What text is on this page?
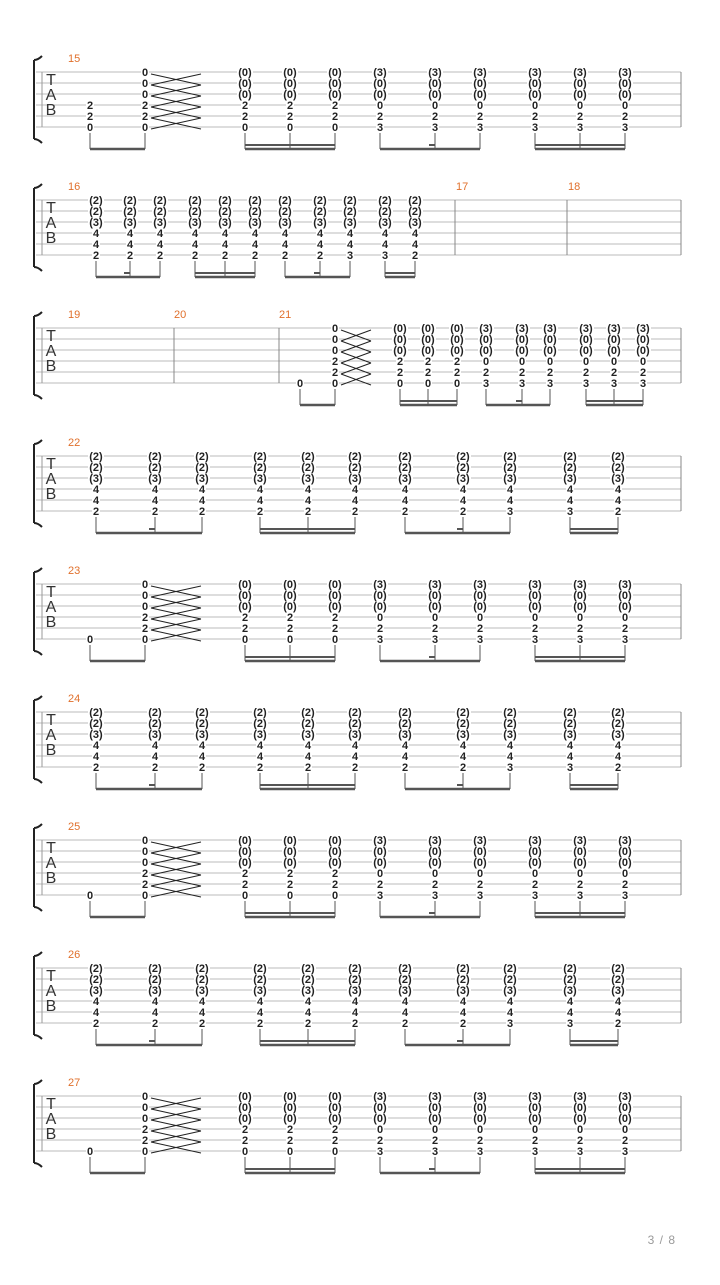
T
A
B
15
2
2
0
0
0
0
2
2
0
(0)
(0)
(0)
2
2
0
(0)
(0)
(0)
2
2
0
(0)
(0)
(0)
2
2
0
(3)
(0)
(0)
0
2
3
(3)
(0)
(0)
0
2
3
(3)
(0)
(0)
0
2
3
(3)
(0)
(0)
0
2
3
(3)
(0)
(0)
0
2
3
(3)
(0)
(0)
0
2
3
T
A
B
16	17	18
(2)
(2)
(3)
4
4
2
(2)
(2)
(3)
4
4
2
(2)
(2)
(3)
4
4
2
(2)
(2)
(3)
4
4
2
(2)
(2)
(3)
4
4
2
(2)
(2)
(3)
4
4
2
(2)
(2)
(3)
4
4
2
(2)
(2)
(3)
4
4
2
(2)
(2)
(3)
4
4
3
(2)
(2)
(3)
4
4
3
(2)
(2)
(3)
4
4
2
T
A
B
19	20	21
0
0
0
0
2
2
0
(0)
(0)
(0)
2
2
0
(0)
(0)
(0)
2
2
0
(0)
(0)
(0)
2
2
0
(3)
(0)
(0)
0
2
3
(3)
(0)
(0)
0
2
3
(3)
(0)
(0)
0
2
3
(3)
(0)
(0)
0
2
3
(3)
(0)
(0)
0
2
3
(3)
(0)
(0)
0
2
3
T
A
B
22
(2)
(2)
(3)
4
4
2
(2)
(2)
(3)
4
4
2
(2)
(2)
(3)
4
4
2
(2)
(2)
(3)
4
4
2
(2)
(2)
(3)
4
4
2
(2)
(2)
(3)
4
4
2
(2)
(2)
(3)
4
4
2
(2)
(2)
(3)
4
4
2
(2)
(2)
(3)
4
4
3
(2)
(2)
(3)
4
4
3
(2)
(2)
(3)
4
4
2
T
A
B
23
0
0
0
0
2
2
0
(0)
(0)
(0)
2
2
0
(0)
(0)
(0)
2
2
0
(0)
(0)
(0)
2
2
0
(3)
(0)
(0)
0
2
3
(3)
(0)
(0)
0
2
3
(3)
(0)
(0)
0
2
3
(3)
(0)
(0)
0
2
3
(3)
(0)
(0)
0
2
3
(3)
(0)
(0)
0
2
3
T
A
B
24
(2)
(2)
(3)
4
4
2
(2)
(2)
(3)
4
4
2
(2)
(2)
(3)
4
4
2
(2)
(2)
(3)
4
4
2
(2)
(2)
(3)
4
4
2
(2)
(2)
(3)
4
4
2
(2)
(2)
(3)
4
4
2
(2)
(2)
(3)
4
4
2
(2)
(2)
(3)
4
4
3
(2)
(2)
(3)
4
4
3
(2)
(2)
(3)
4
4
2
T
A
B
25
0
0
0
0
2
2
0
(0)
(0)
(0)
2
2
0
(0)
(0)
(0)
2
2
0
(0)
(0)
(0)
2
2
0
(3)
(0)
(0)
0
2
3
(3)
(0)
(0)
0
2
3
(3)
(0)
(0)
0
2
3
(3)
(0)
(0)
0
2
3
(3)
(0)
(0)
0
2
3
(3)
(0)
(0)
0
2
3
T
A
B
26
(2)
(2)
(3)
4
4
2
(2)
(2)
(3)
4
4
2
(2)
(2)
(3)
4
4
2
(2)
(2)
(3)
4
4
2
(2)
(2)
(3)
4
4
2
(2)
(2)
(3)
4
4
2
(2)
(2)
(3)
4
4
2
(2)
(2)
(3)
4
4
2
(2)
(2)
(3)
4
4
3
(2)
(2)
(3)
4
4
3
(2)
(2)
(3)
4
4
2
T
A
B
27
0
0
0
0
2
2
0
(0)
(0)
(0)
2
2
0
(0)
(0)
(0)
2
2
0
(0)
(0)
(0)
2
2
0
(3)
(0)
(0)
0
2
3
(3)
(0)
(0)
0
2
3
(3)
(0)
(0)
0
2
3
(3)
(0)
(0)
0
2
3
(3)
(0)
(0)
0
2
3
(3)
(0)
(0)
0
2
3
3 / 8
